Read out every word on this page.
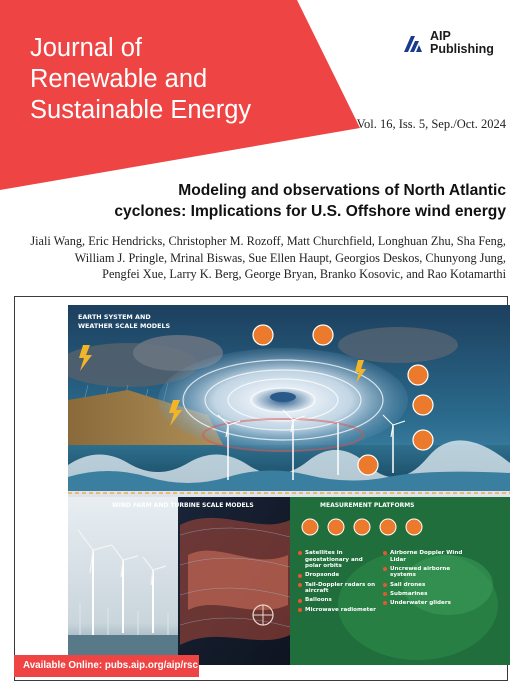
Journal of
Renewable and
Sustainable Energy
AIP
Publishing
Vol. 16, Iss. 5, Sep./Oct. 2024
Modeling and observations of North Atlantic
cyclones: Implications for U.S. Offshore wind energy
Jiali Wang, Eric Hendricks, Christopher M. Rozoff, Matt Churchfield, Longhuan Zhu, Sha Feng,
William J. Pringle, Mrinal Biswas, Sue Ellen Haupt, Georgios Deskos, Chunyong Jung,
Pengfei Xue, Larry K. Berg, George Bryan, Branko Kosovic, and Rao Kotamarthi
EARTH SYSTEM AND
WEATHER SCALE MODELS
WIND FARM AND TURBINE SCALE MODELS	MEASUREMENT PLATFORMS
Satellites in geostationary and polar orbits
Dropsonde
Tail-Doppler radars on aircraft
Balloons
Microwave radiometer
Airborne Doppler Wind Lidar
Uncrewed airborne systems
Sail drones
Submarines
Underwater gliders
Available Online: pubs.aip.org/aip/rsc
